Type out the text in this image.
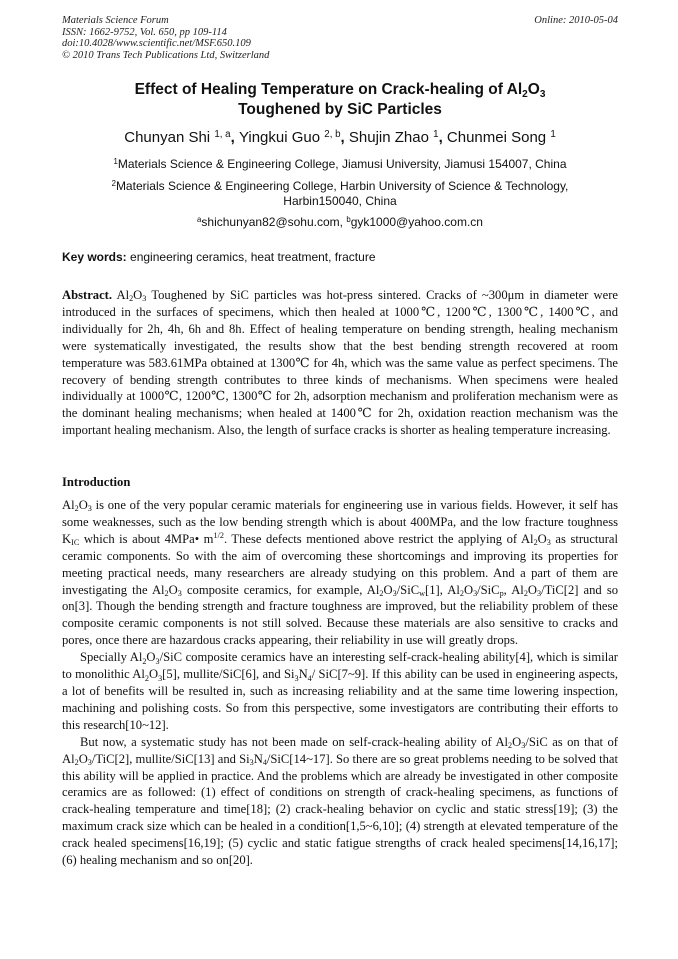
Materials Science Forum
ISSN: 1662-9752, Vol. 650, pp 109-114
doi:10.4028/www.scientific.net/MSF.650.109
© 2010 Trans Tech Publications Ltd, Switzerland
Online: 2010-05-04
Effect of Healing Temperature on Crack-healing of $Al_2O_3$
Toughened by SiC Particles
Chunyan Shi $^{1, a}$, Yingkui Guo $^{2, b}$, Shujin Zhao $^1$, Chunmei Song $^1$
$^1$Materials Science & Engineering College, Jiamusi University, Jiamusi 154007, China
$^2$Materials Science & Engineering College, Harbin University of Science & Technology,
Harbin150040, China
$^a$shichunyan82@sohu.com, $^b$gyk1000@yahoo.com.cn
Key words: engineering ceramics, heat treatment, fracture

Abstract. $Al_2O_3$ Toughened by SiC particles was hot-press sintered. Cracks of ~300μm in diameter were introduced in the surfaces of specimens, which then healed at 1000℃, 1200℃, 1300℃, 1400℃, and individually for 2h, 4h, 6h and 8h. Effect of healing temperature on bending strength, healing mechanism were systematically investigated, the results show that the best bending strength recovered at room temperature was 583.61MPa obtained at 1300℃ for 4h, which was the same value as perfect specimens. The recovery of bending strength contributes to three kinds of mechanisms. When specimens were healed individually at 1000℃, 1200℃, 1300℃ for 2h, adsorption mechanism and proliferation mechanism were as the dominant healing mechanisms; when healed at 1400℃ for 2h, oxidation reaction mechanism was the important healing mechanism. Also, the length of surface cracks is shorter as healing temperature increasing.

Introduction

$Al_2O_3$ is one of the very popular ceramic materials for engineering use in various fields. However, it self has some weaknesses, such as the low bending strength which is about 400MPa, and the low fracture toughness $K_{IC}$ which is about 4MPa• $m^{1/2}$. These defects mentioned above restrict the applying of $Al_2O_3$ as structural ceramic components. So with the aim of overcoming these shortcomings and improving its properties for meeting practical needs, many researchers are already studying on this problem. And a part of them are investigating the $Al_2O_3$ composite ceramics, for example, $Al_2O_3/SiC_w[1]$, $Al_2O_3/SiC_p$, $Al_2O_3/TiC[2]$ and so on[3]. Though the bending strength and fracture toughness are improved, but the reliability problem of these composite ceramic components is not still solved. Because these materials are also sensitive to cracks and pores, once there are hazardous cracks appearing, their reliability in use will greatly drops.

Specially $Al_2O_3$/SiC composite ceramics have an interesting self-crack-healing ability[4], which is similar to monolithic $Al_2O_3[5]$, mullite/SiC[6], and $Si_3N_4/$ SiC[7~9]. If this ability can be used in engineering aspects, a lot of benefits will be resulted in, such as increasing reliability and at the same time lowering inspection, machining and polishing costs. So from this perspective, some investigators are contributing their efforts to this research[10~12].

But now, a systematic study has not been made on self-crack-healing ability of $Al_2O_3$/SiC as on that of $Al_2O_3/TiC[2]$, mullite/SiC[13] and $Si_3N_4/SiC[14\sim 17]$. So there are so great problems needing to be solved that this ability will be applied in practice. And the problems which are already be investigated in other composite ceramics are as followed: (1) effect of conditions on strength of crack-healing specimens, as functions of crack-healing temperature and time[18]; (2) crack-healing behavior on cyclic and static stress[19]; (3) the maximum crack size which can be healed in a condition[1,5~6,10]; (4) strength at elevated temperature of the crack healed specimens[16,19]; (5) cyclic and static fatigue strengths of crack healed specimens[14,16,17]; (6) healing mechanism and so on[20].
